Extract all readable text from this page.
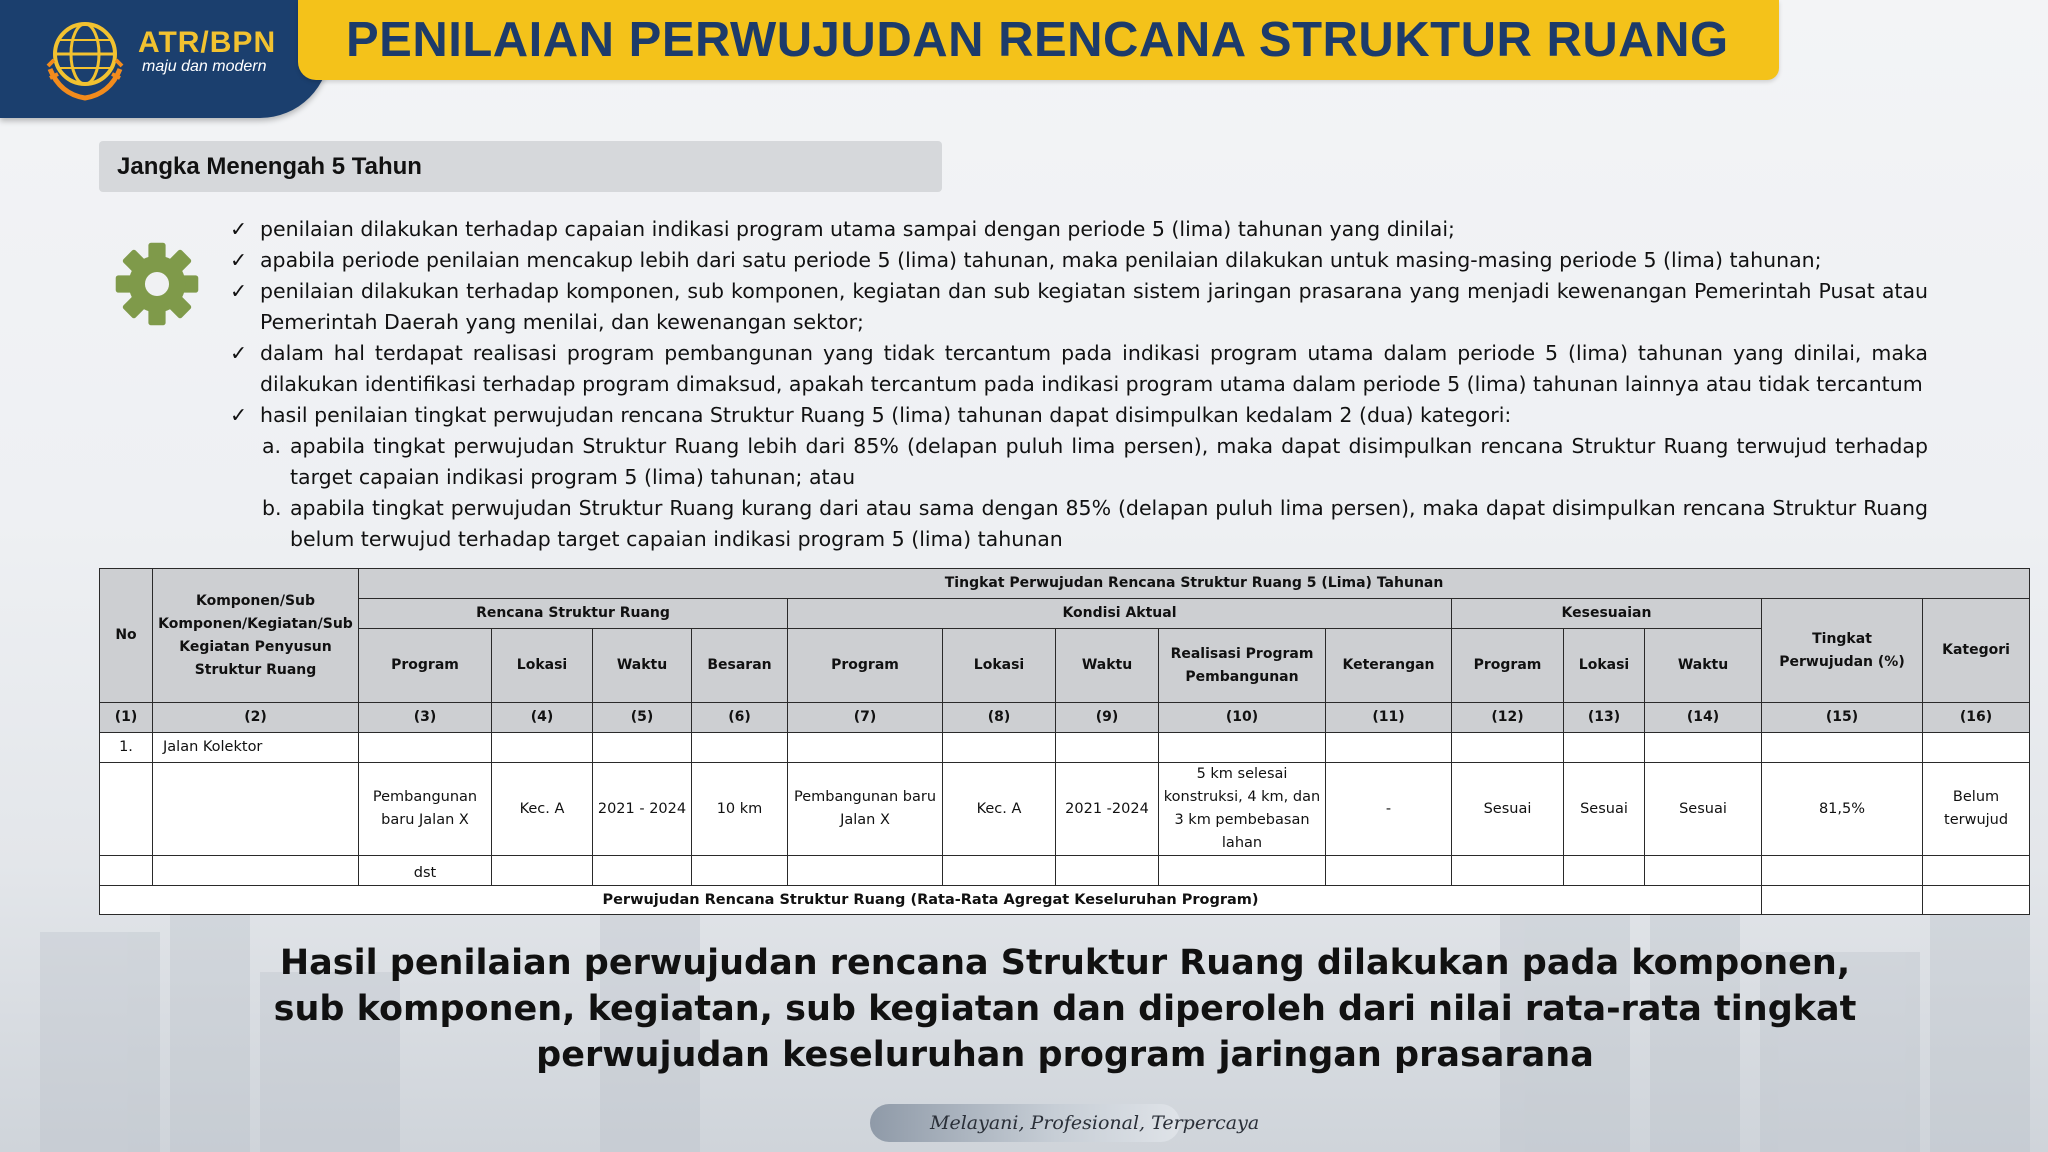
ATR/BPN
maju dan modern PENILAIAN PERWUJUDAN RENCANA STRUKTUR RUANG
Jangka Menengah 5 Tahun
✓ penilaian dilakukan terhadap capaian indikasi program utama sampai dengan periode 5 (lima) tahunan yang dinilai;
✓ apabila periode penilaian mencakup lebih dari satu periode 5 (lima) tahunan, maka penilaian dilakukan untuk masing-masing periode 5 (lima) tahunan;
✓ penilaian dilakukan terhadap komponen, sub komponen, kegiatan dan sub kegiatan sistem jaringan prasarana yang menjadi kewenangan Pemerintah Pusat atau Pemerintah Daerah yang menilai, dan kewenangan sektor;
✓ dalam hal terdapat realisasi program pembangunan yang tidak tercantum pada indikasi program utama dalam periode 5 (lima) tahunan yang dinilai, maka dilakukan identifikasi terhadap program dimaksud, apakah tercantum pada indikasi program utama dalam periode 5 (lima) tahunan lainnya atau tidak tercantum
✓ hasil penilaian tingkat perwujudan rencana Struktur Ruang 5 (lima) tahunan dapat disimpulkan kedalam 2 (dua) kategori:
a. apabila tingkat perwujudan Struktur Ruang lebih dari 85% (delapan puluh lima persen), maka dapat disimpulkan rencana Struktur Ruang terwujud terhadap target capaian indikasi program 5 (lima) tahunan; atau
b. apabila tingkat perwujudan Struktur Ruang kurang dari atau sama dengan 85% (delapan puluh lima persen), maka dapat disimpulkan rencana Struktur Ruang belum terwujud terhadap target capaian indikasi program 5 (lima) tahunan
No	Komponen/Sub Komponen/Kegiatan/Sub Kegiatan Penyusun Struktur Ruang	Tingkat Perwujudan Rencana Struktur Ruang 5 (Lima) Tahunan													
		Rencana Struktur Ruang				Kondisi Aktual					Kesesuaian			Tingkat Perwujudan (%)	Kategori
		Program	Lokasi	Waktu	Besaran	Program	Lokasi	Waktu	Realisasi Program Pembangunan	Keterangan	Program	Lokasi	Waktu		
(1)	(2)	(3)	(4)	(5)	(6)	(7)	(8)	(9)	(10)	(11)	(12)	(13)	(14)	(15)	(16)
1.	Jalan Kolektor														
		Pembangunan baru Jalan X	Kec. A	2021 - 2024	10 km	Pembangunan baru Jalan X	Kec. A	2021 -2024	5 km selesai konstruksi, 4 km, dan 3 km pembebasan lahan	-	Sesuai	Sesuai	Sesuai	81,5%	Belum terwujud
		dst													
Perwujudan Rencana Struktur Ruang (Rata-Rata Agregat Keseluruhan Program)															
Hasil penilaian perwujudan rencana Struktur Ruang dilakukan pada komponen, sub komponen, kegiatan, sub kegiatan dan diperoleh dari nilai rata-rata tingkat perwujudan keseluruhan program jaringan prasarana
Melayani, Profesional, Terpercaya
